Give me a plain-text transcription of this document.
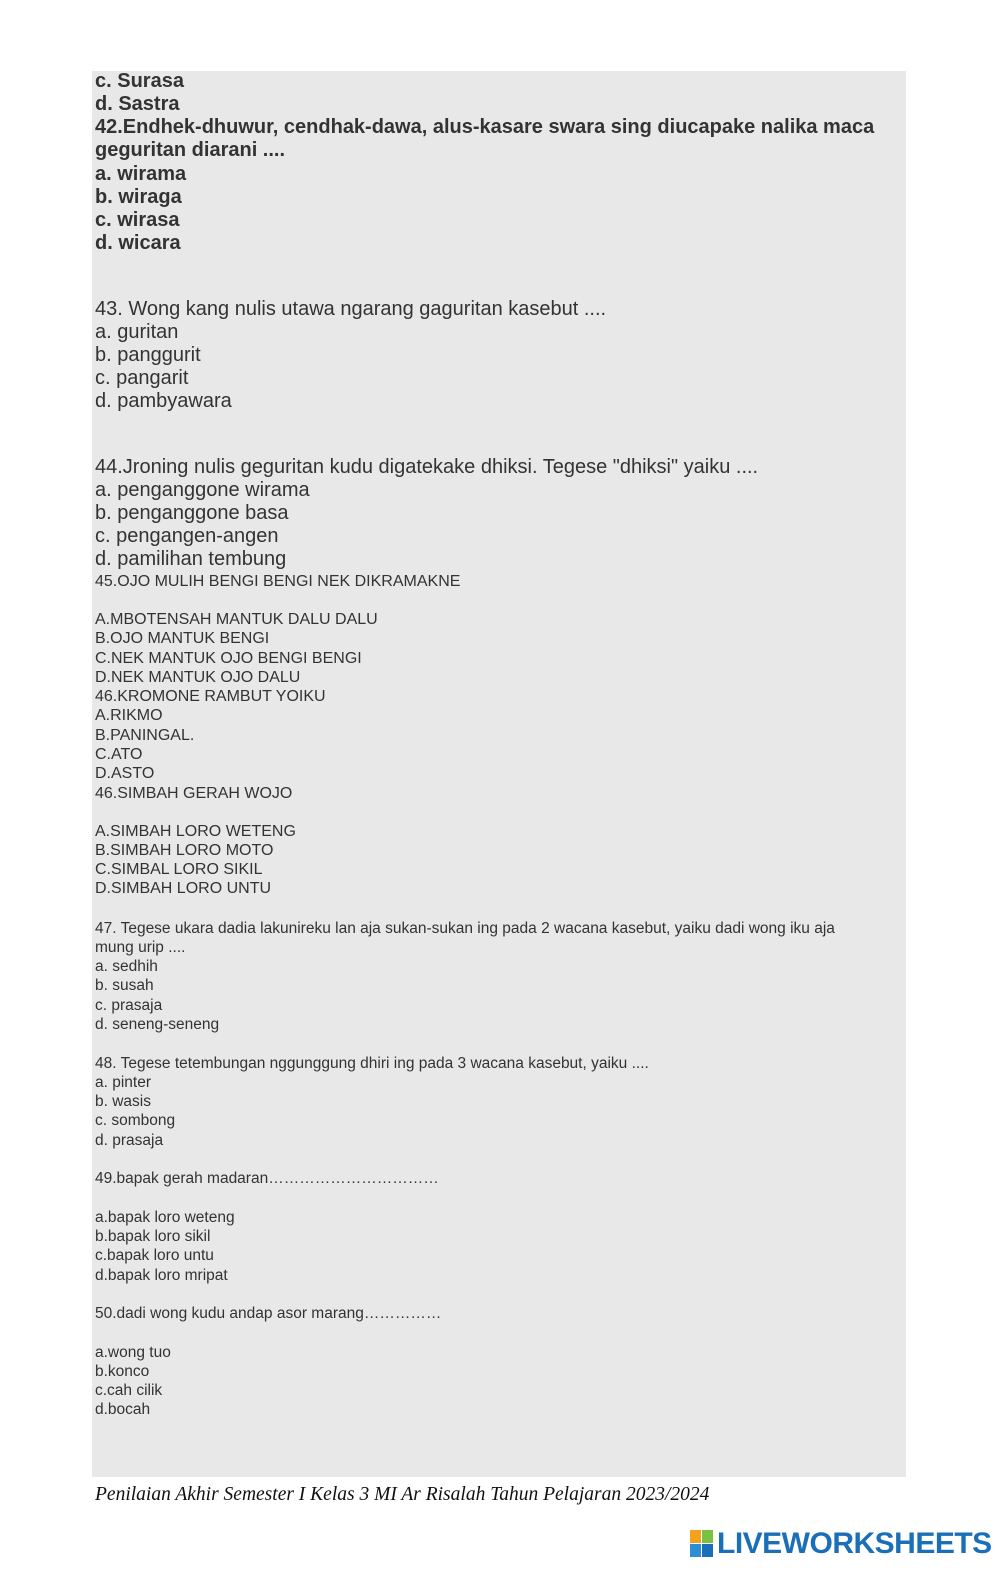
c. Surasa
d. Sastra
42.Endhek-dhuwur, cendhak-dawa, alus-kasare swara sing diucapake nalika maca
geguritan diarani ....
a. wirama
b. wiraga
c. wirasa
d. wicara
43. Wong kang nulis utawa ngarang gaguritan kasebut ....
a. guritan
b. panggurit
c. pangarit
d. pambyawara
44.Jroning nulis geguritan kudu digatekake dhiksi. Tegese "dhiksi" yaiku ....
a. penganggone wirama
b. penganggone basa
c. pengangen-angen
d. pamilihan tembung
45.OJO MULIH BENGI BENGI NEK DIKRAMAKNE
A.MBOTENSAH MANTUK DALU DALU
B.OJO MANTUK BENGI
C.NEK MANTUK OJO BENGI BENGI
D.NEK MANTUK OJO DALU
46.KROMONE RAMBUT YOIKU
A.RIKMO
B.PANINGAL.
C.ATO
D.ASTO
46.SIMBAH GERAH WOJO
A.SIMBAH LORO WETENG
B.SIMBAH LORO MOTO
C.SIMBAL LORO SIKIL
D.SIMBAH LORO UNTU
47. Tegese ukara dadia lakunireku lan aja sukan-sukan ing pada 2 wacana kasebut, yaiku dadi wong iku aja
mung urip ....
a. sedhih
b. susah
c. prasaja
d. seneng-seneng
48. Tegese tetembungan nggunggung dhiri ing pada 3 wacana kasebut, yaiku ....
a. pinter
b. wasis
c. sombong
d. prasaja
49.bapak gerah madaran……………………………
a.bapak loro weteng
b.bapak loro sikil
c.bapak loro untu
d.bapak loro mripat
50.dadi wong kudu andap asor marang……………
a.wong tuo
b.konco
c.cah cilik
d.bocah
Penilaian Akhir Semester I Kelas 3 MI Ar Risalah Tahun Pelajaran 2023/2024
LIVEWORKSHEETS
